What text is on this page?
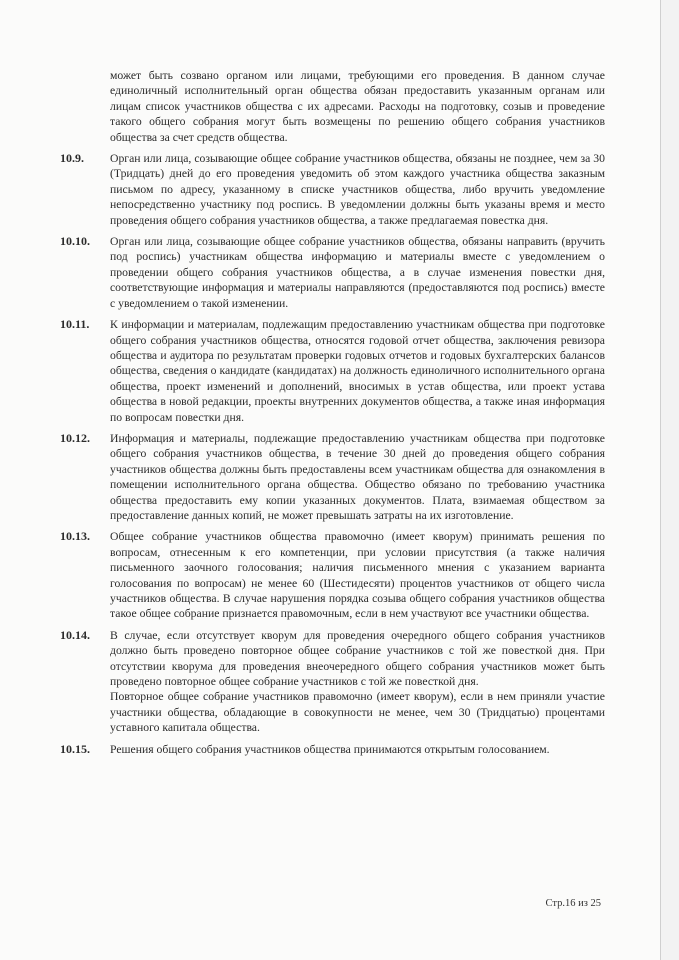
может быть созвано органом или лицами, требующими его проведения. В данном случае единоличный исполнительный орган общества обязан предоставить указанным органам или лицам список участников общества с их адресами. Расходы на подготовку, созыв и проведение такого общего собрания могут быть возмещены по решению общего собрания участников общества за счет средств общества.

10.9.	Орган или лица, созывающие общее собрание участников общества, обязаны не позднее, чем за 30 (Тридцать) дней до его проведения уведомить об этом каждого участника общества заказным письмом по адресу, указанному в списке участников общества, либо вручить уведомление непосредственно участнику под роспись. В уведомлении должны быть указаны время и место проведения общего собрания участников общества, а также предлагаемая повестка дня.

10.10.	Орган или лица, созывающие общее собрание участников общества, обязаны направить (вручить под роспись) участникам общества информацию и материалы вместе с уведомлением о проведении общего собрания участников общества, а в случае изменения повестки дня, соответствующие информация и материалы направляются (предоставляются под роспись) вместе с уведомлением о такой изменении.

10.11.	К информации и материалам, подлежащим предоставлению участникам общества при подготовке общего собрания участников общества, относятся годовой отчет общества, заключения ревизора общества и аудитора по результатам проверки годовых отчетов и годовых бухгалтерских балансов общества, сведения о кандидате (кандидатах) на должность единоличного исполнительного органа общества, проект изменений и дополнений, вносимых в устав общества, или проект устава общества в новой редакции, проекты внутренних документов общества, а также иная информация по вопросам повестки дня.

10.12.	Информация и материалы, подлежащие предоставлению участникам общества при подготовке общего собрания участников общества, в течение 30 дней до проведения общего собрания участников общества должны быть предоставлены всем участникам общества для ознакомления в помещении исполнительного органа общества. Общество обязано по требованию участника общества предоставить ему копии указанных документов. Плата, взимаемая обществом за предоставление данных копий, не может превышать затраты на их изготовление.

10.13.	Общее собрание участников общества правомочно (имеет кворум) принимать решения по вопросам, отнесенным к его компетенции, при условии присутствия (а также наличия письменного заочного голосования; наличия письменного мнения с указанием варианта голосования по вопросам) не менее 60 (Шестидесяти) процентов участников от общего числа участников общества. В случае нарушения порядка созыва общего собрания участников общества такое общее собрание признается правомочным, если в нем участвуют все участники общества.

10.14.	В случае, если отсутствует кворум для проведения очередного общего собрания участников должно быть проведено повторное общее собрание участников с той же повесткой дня. При отсутствии кворума для проведения внеочередного общего собрания участников может быть проведено повторное общее собрание участников с той же повесткой дня.

Повторное общее собрание участников правомочно (имеет кворум), если в нем приняли участие участники общества, обладающие в совокупности не менее, чем 30 (Тридцатью) процентами уставного капитала общества.

10.15.	Решения общего собрания участников общества принимаются открытым голосованием.

Стр.16 из 25
